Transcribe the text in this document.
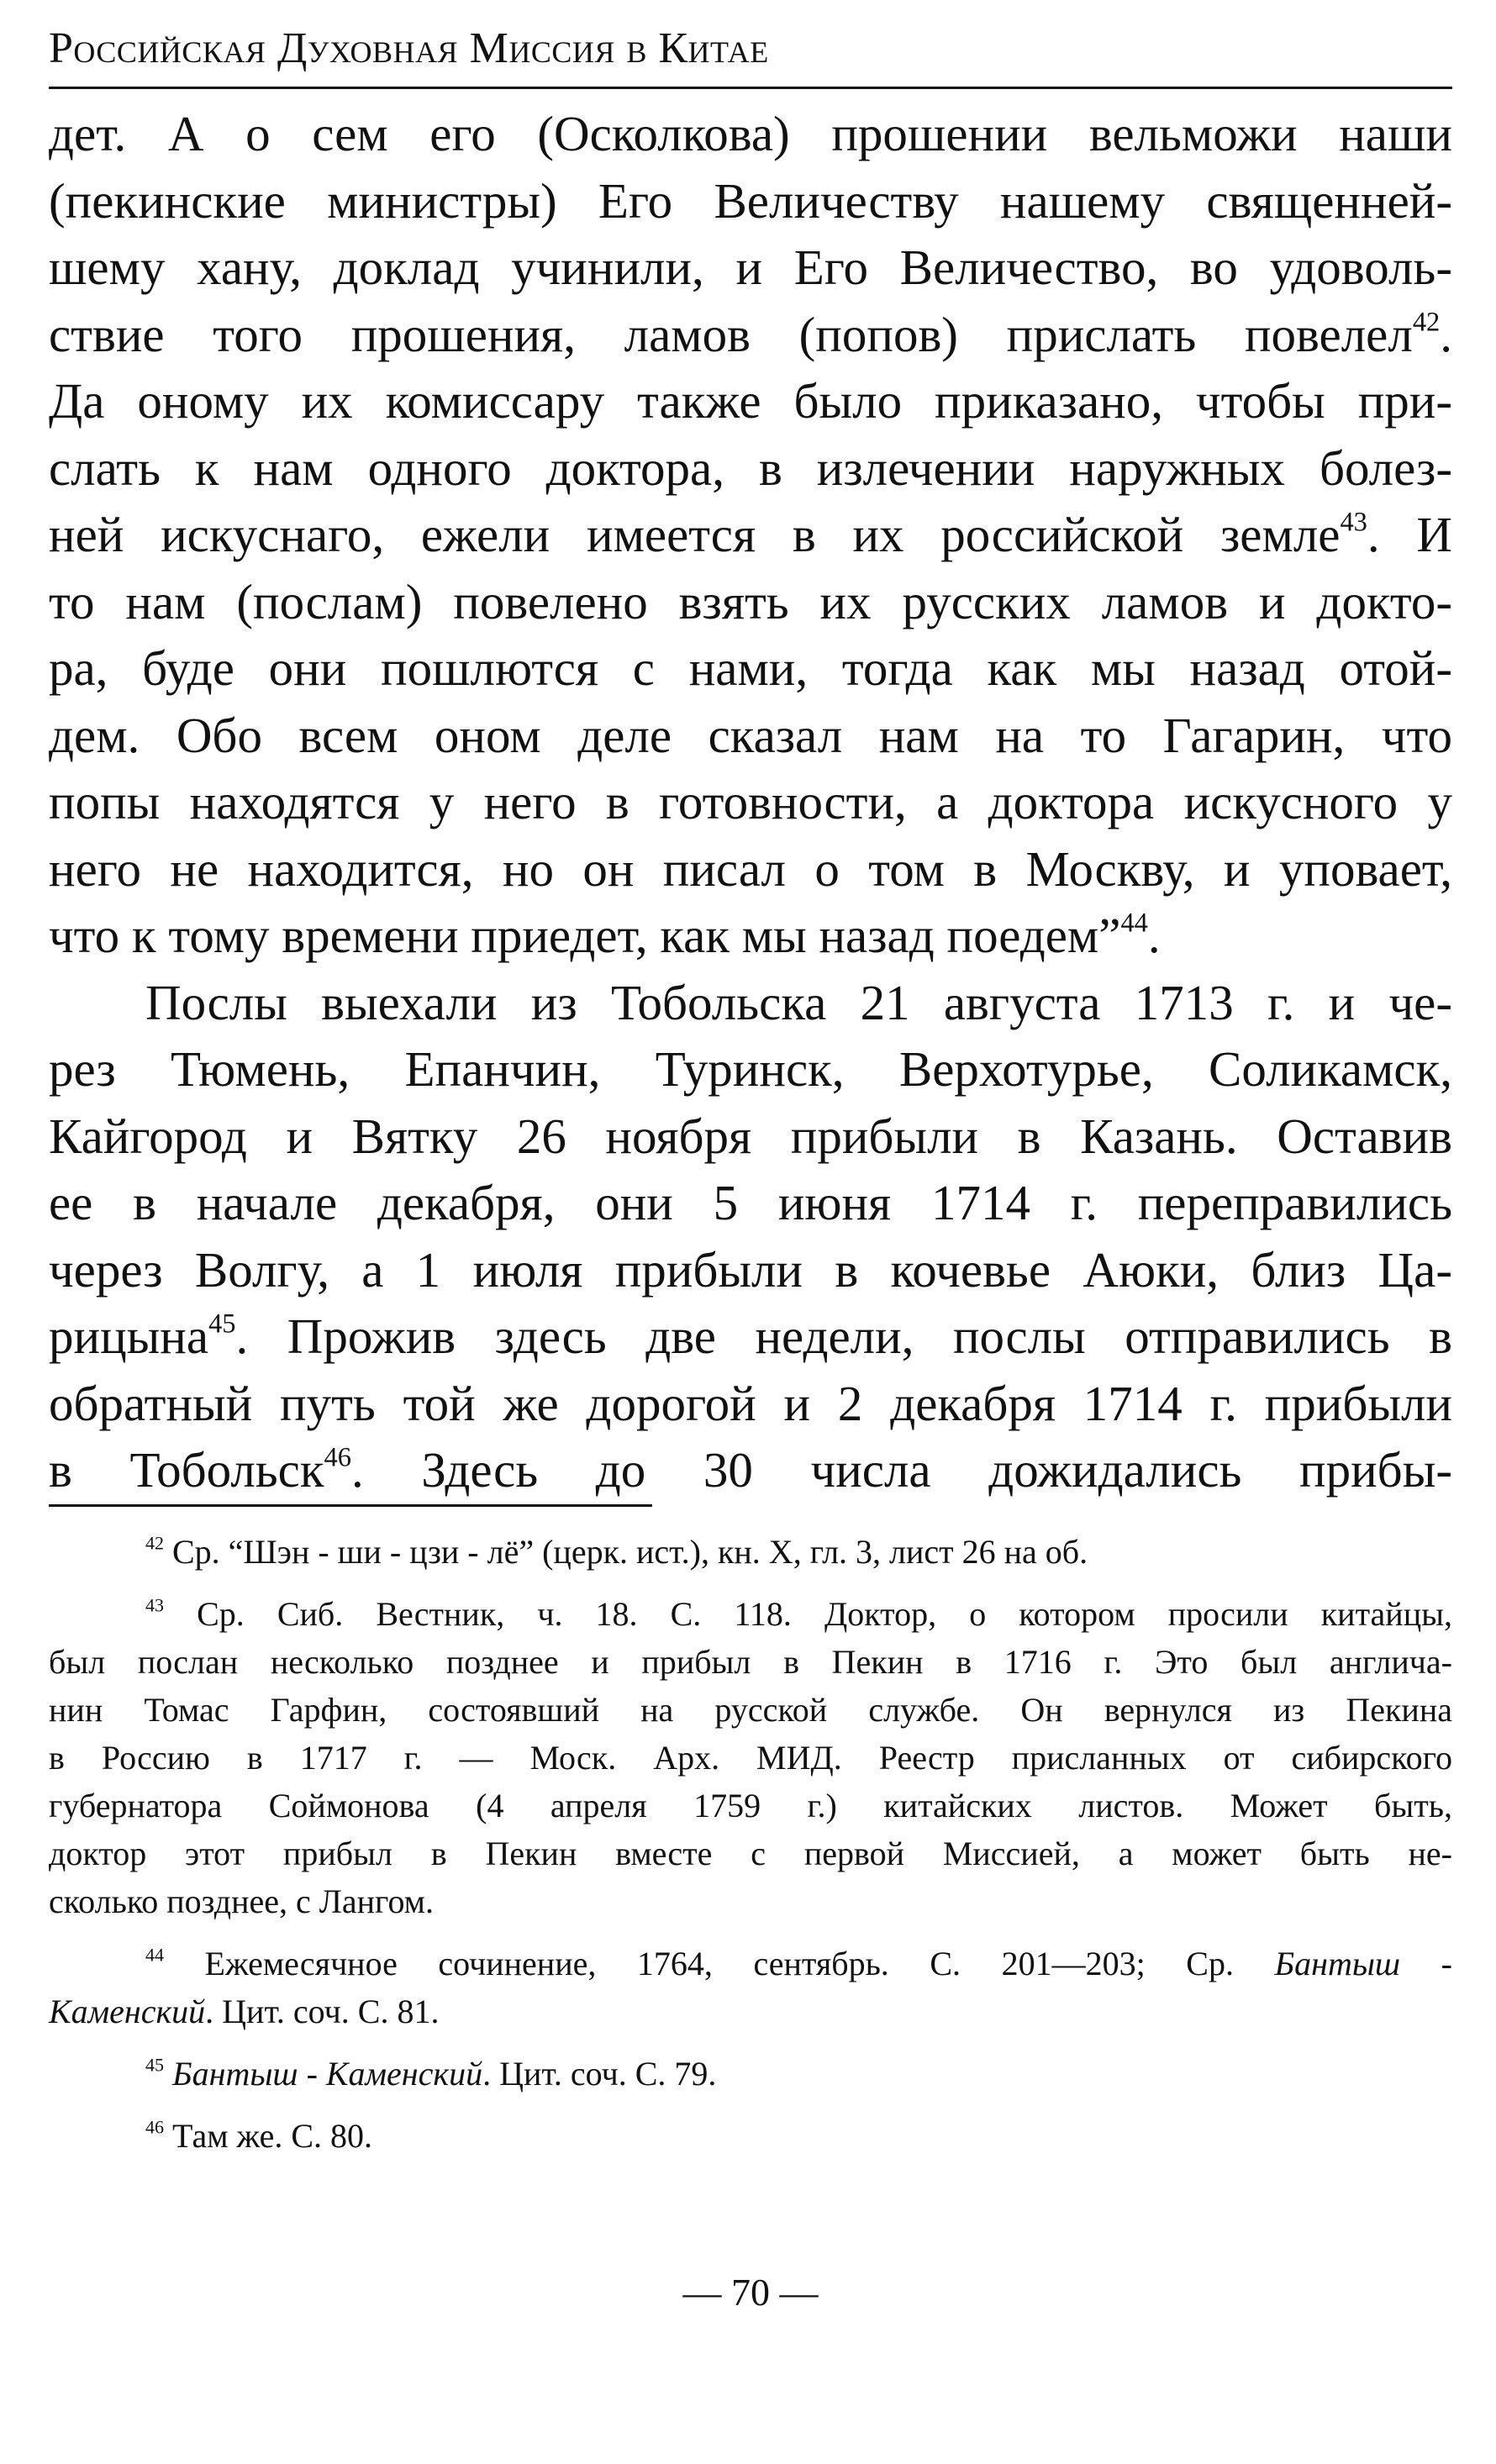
Российская Духовная Миссия в Китае
дет. А о сем его (Осколкова) прошении вельможи наши
(пекинские министры) Его Величеству нашему священней-
шему хану, доклад учинили, и Его Величество, во удоволь-
ствие того прошения, ламов (попов) прислать повелел$^{42}$.
Да оному их комиссару также было приказано, чтобы при-
слать к нам одного доктора, в излечении наружных болез-
ней искуснаго, ежели имеется в их российской земле$^{43}$. И
то нам (послам) повелено взять их русских ламов и докто-
ра, буде они пошлются с нами, тогда как мы назад отой-
дем. Обо всем оном деле сказал нам на то Гагарин, что
попы находятся у него в готовности, а доктора искусного у
него не находится, но он писал о том в Москву, и уповает,
что к тому времени приедет, как мы назад поедем”$^{44}$.
Послы выехали из Тобольска 21 августа 1713 г. и че-
рез Тюмень, Епанчин, Туринск, Верхотурье, Соликамск,
Кайгород и Вятку 26 ноября прибыли в Казань. Оставив
ее в начале декабря, они 5 июня 1714 г. переправились
через Волгу, а 1 июля прибыли в кочевье Аюки, близ Ца-
рицына$^{45}$. Прожив здесь две недели, послы отправились в
обратный путь той же дорогой и 2 декабря 1714 г. прибыли
в Тобольск$^{46}$. Здесь до 30 числа дожидались прибы-
$^{42}$ Ср. “Шэн - ши - цзи - лё” (церк. ист.), кн. X, гл. 3, лист 26 на об.
$^{43}$ Ср. Сиб. Вестник, ч. 18. С. 118. Доктор, о котором просили китайцы,
был послан несколько позднее и прибыл в Пекин в 1716 г. Это был англича-
нин Томас Гарфин, состоявший на русской службе. Он вернулся из Пекина
в Россию в 1717 г. — Моск. Арх. МИД. Реестр присланных от сибирского
губернатора Соймонова (4 апреля 1759 г.) китайских листов. Может быть,
доктор этот прибыл в Пекин вместе с первой Миссией, а может быть не-
сколько позднее, с Лангом.
$^{44}$ Ежемесячное сочинение, 1764, сентябрь. С. 201—203; Ср. Бантыш -
Каменский. Цит. соч. С. 81.
$^{45}$ Бантыш - Каменский. Цит. соч. С. 79.
$^{46}$ Там же. С. 80.
— 70 —
